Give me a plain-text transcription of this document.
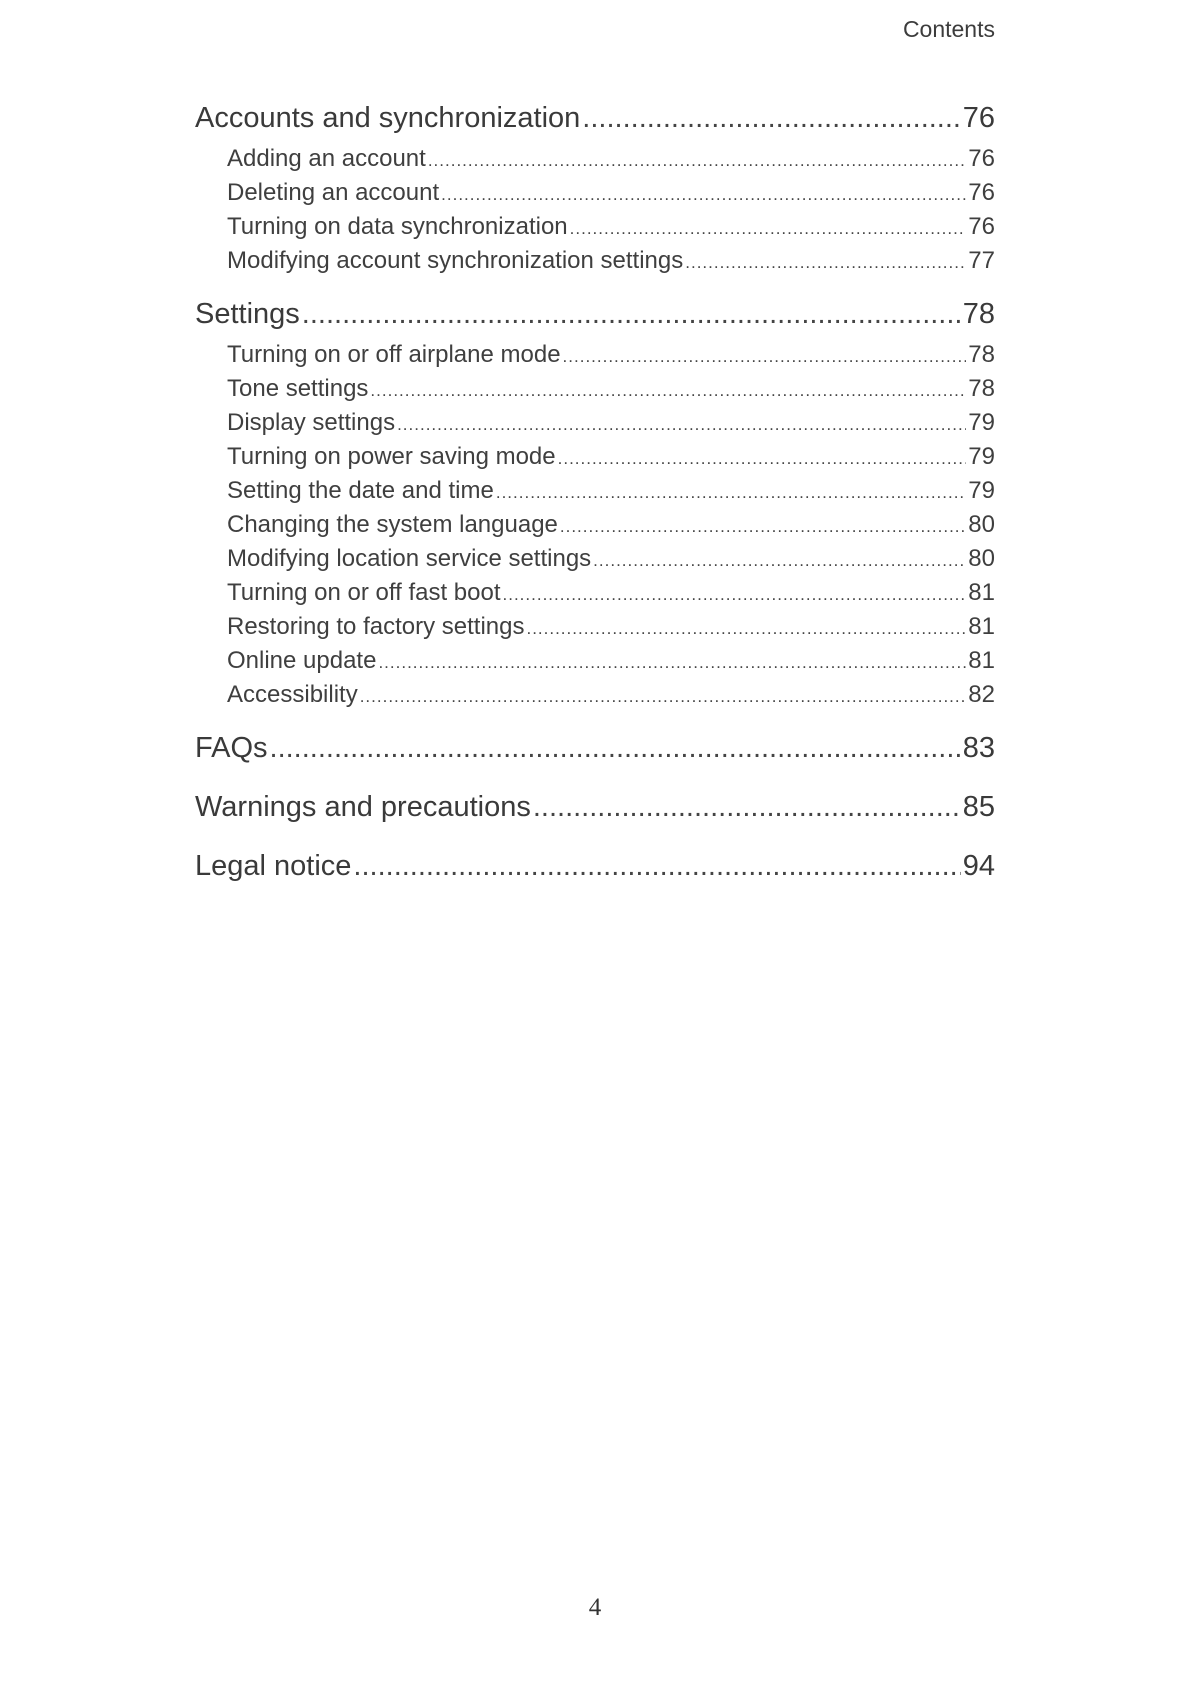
Contents
Accounts and synchronization .....	76
Adding an account .....	76
Deleting an account .....	76
Turning on data synchronization .....	76
Modifying account synchronization settings .....	77
Settings .....	78
Turning on or off airplane mode .....	78
Tone settings .....	78
Display settings .....	79
Turning on power saving mode .....	79
Setting the date and time .....	79
Changing the system language .....	80
Modifying location service settings .....	80
Turning on or off fast boot .....	81
Restoring to factory settings .....	81
Online update .....	81
Accessibility .....	82
FAQs .....	83
Warnings and precautions .....	85
Legal notice .....	94
4
